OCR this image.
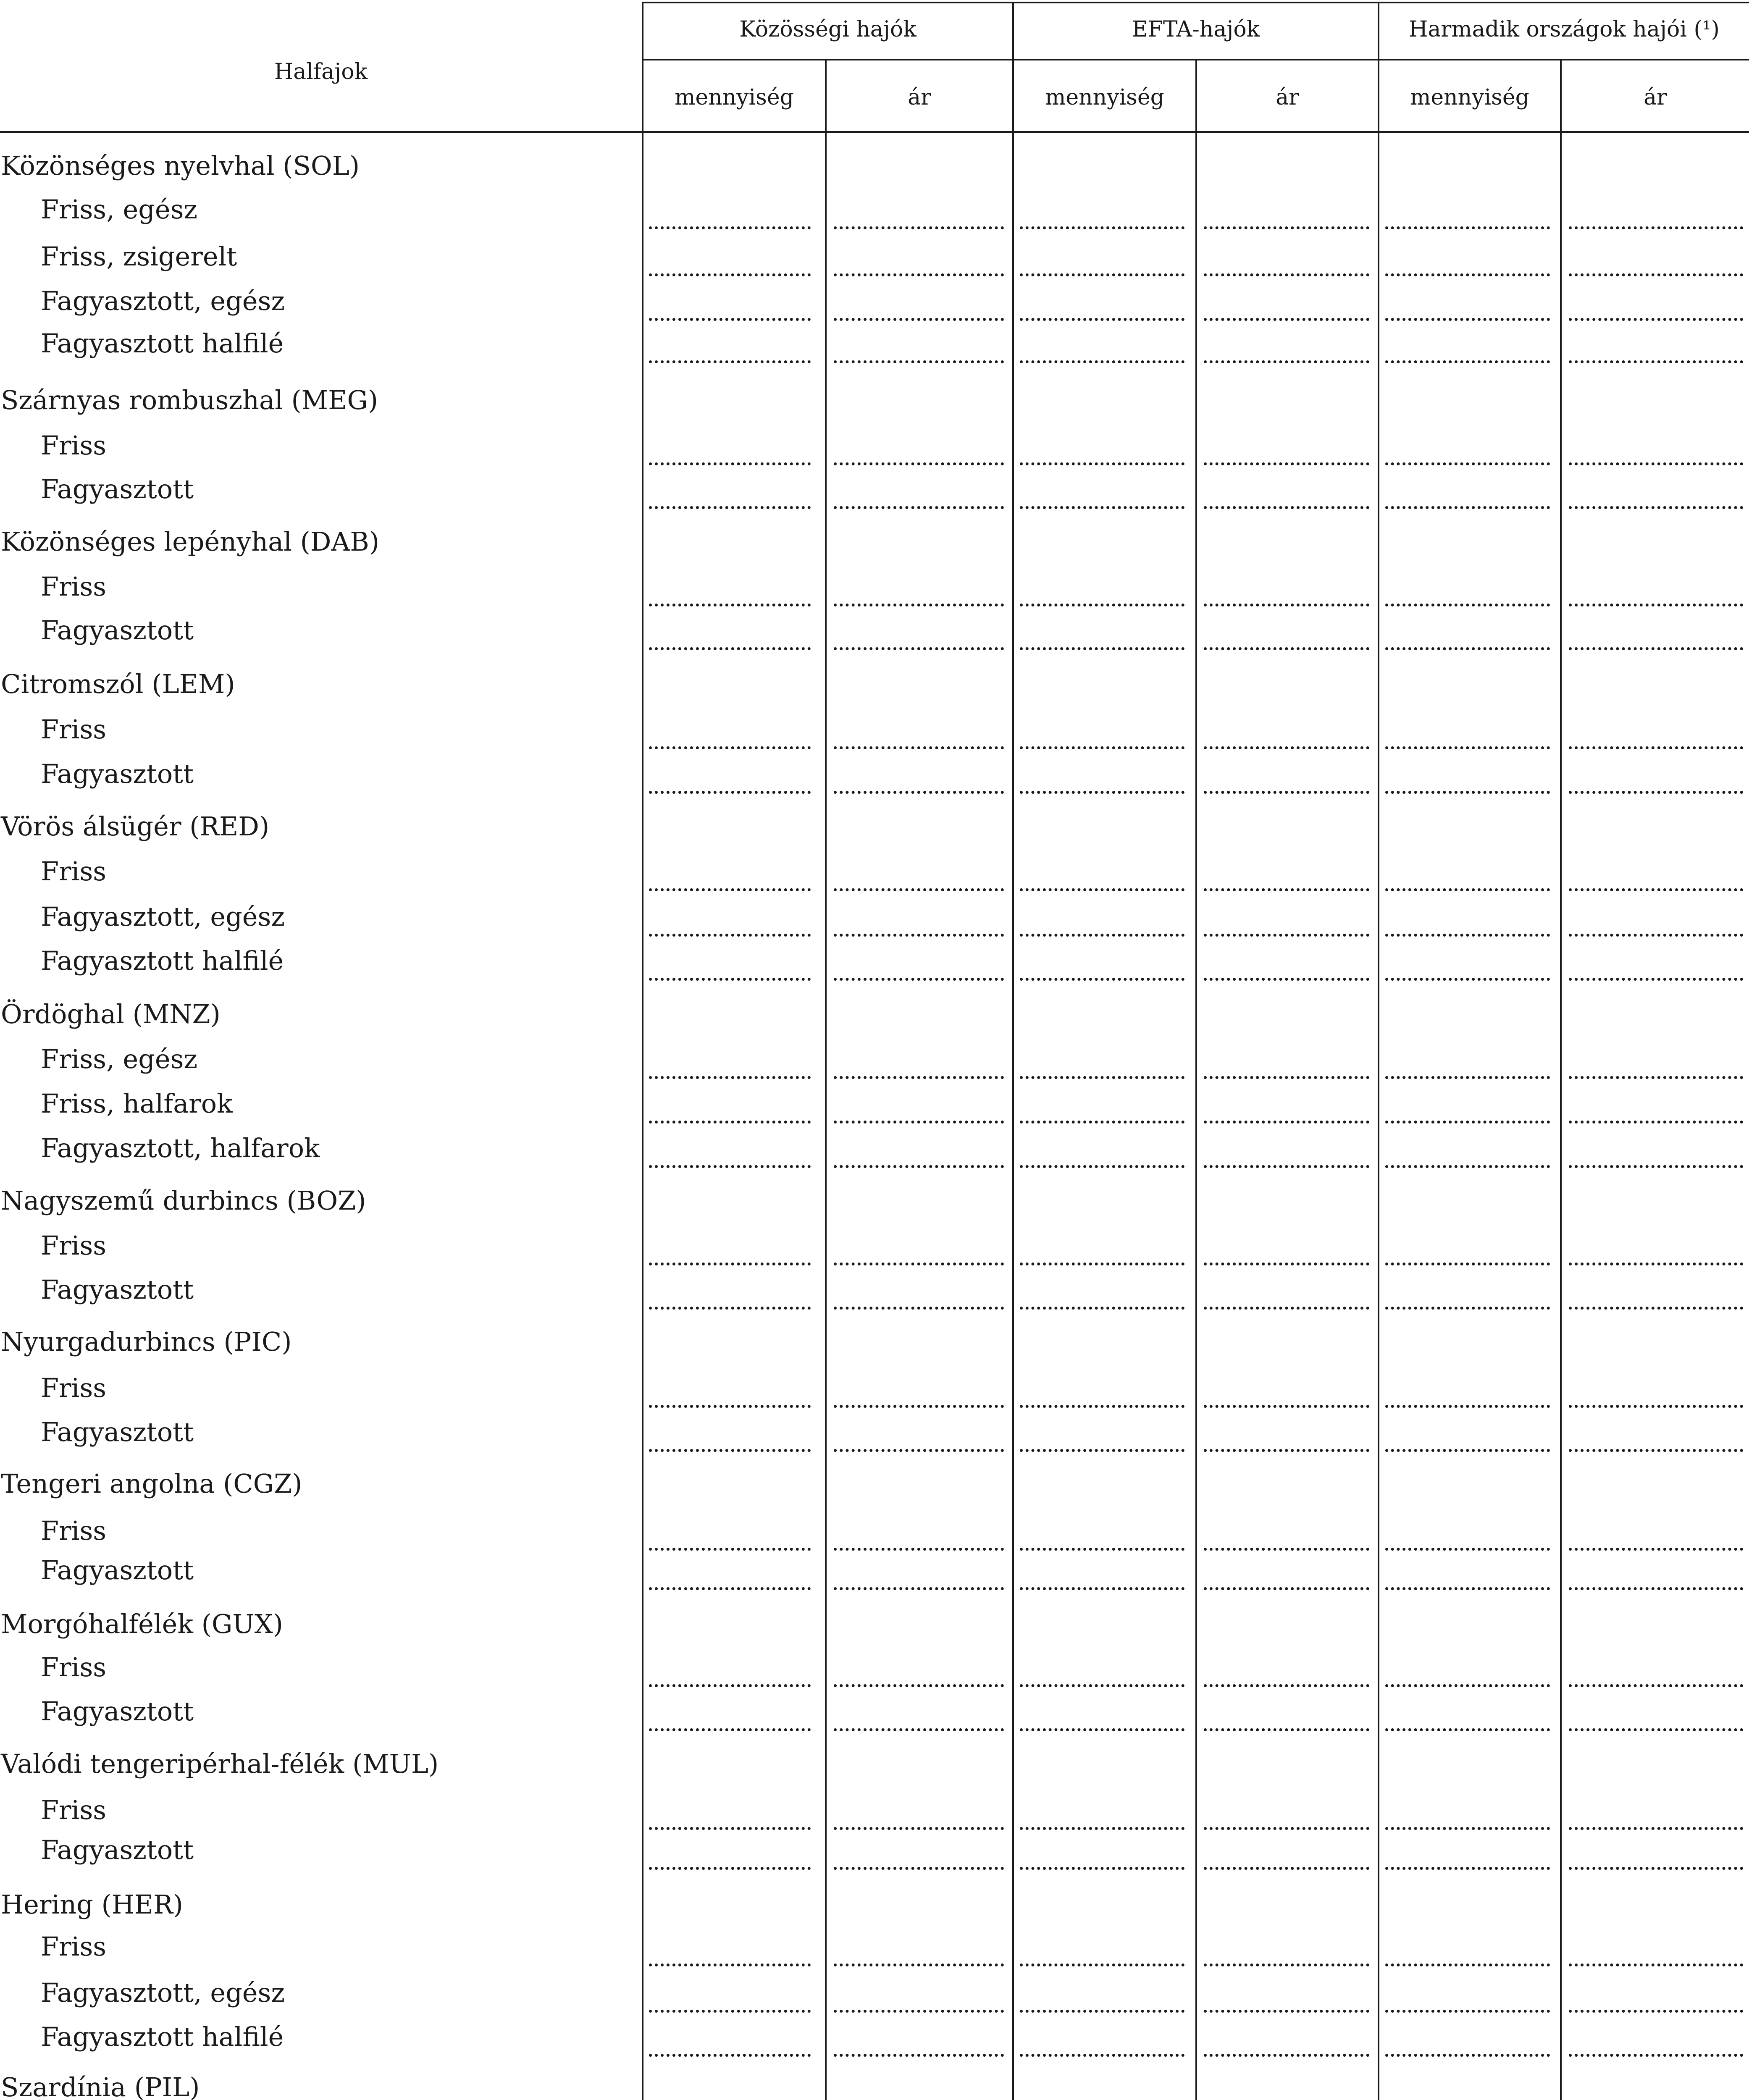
Halfajok
Közösségi hajók	EFTA-hajók	Harmadik országok hajói (¹)
mennyiség	ár	mennyiség	ár	mennyiség	ár
Közönséges nyelvhal (SOL)
Friss, egész
Friss, zsigerelt
Fagyasztott, egész
Fagyasztott halfilé
Szárnyas rombuszhal (MEG)
Friss
Fagyasztott
Közönséges lepényhal (DAB)
Friss
Fagyasztott
Citromszól (LEM)
Friss
Fagyasztott
Vörös álsügér (RED)
Friss
Fagyasztott, egész
Fagyasztott halfilé
Ördöghal (MNZ)
Friss, egész
Friss, halfarok
Fagyasztott, halfarok
Nagyszemű durbincs (BOZ)
Friss
Fagyasztott
Nyurgadurbincs (PIC)
Friss
Fagyasztott
Tengeri angolna (CGZ)
Friss
Fagyasztott
Morgóhalfélék (GUX)
Friss
Fagyasztott
Valódi tengeripérhal-félék (MUL)
Friss
Fagyasztott
Hering (HER)
Friss
Fagyasztott, egész
Fagyasztott halfilé
Szardínia (PIL)
